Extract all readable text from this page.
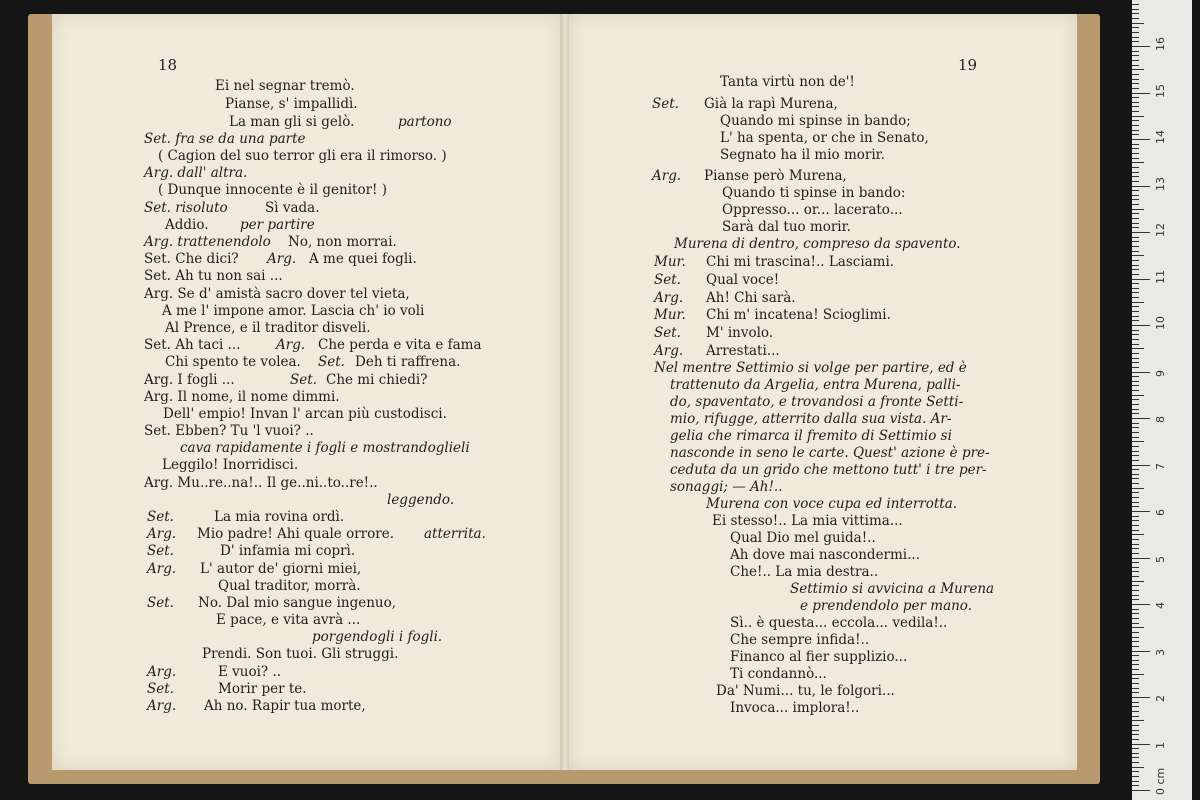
18	19
Ei nel segnar tremò.
Pianse, s' impallidì.
La man gli si gelò.	partono
Set. fra se da una parte
( Cagion del suo terror gli era il rimorso. )
Arg. dall' altra.
( Dunque innocente è il genitor! )
Set. risoluto	Sì vada.
Addio. per partire
Arg. trattenendolo No, non morrai.
Set. Che dici? Arg. A me quei fogli.
Set. Ah tu non sai ...
Arg. Se d' amistà sacro dover tel vieta,
A me l' impone amor. Lascia ch' io voli
Al Prence, e il traditor disveli.
Set. Ah taci ...	Arg. Che perda e vita e fama
Chi spento te volea. Set. Deh ti raffrena.
Arg. I fogli ...	Set. Che mi chiedi?
Arg. Il nome, il nome dimmi.
Dell' empio! Invan l' arcan più custodisci.
Set. Ebben? Tu 'l vuoi? ..
cava rapidamente i fogli e mostrandoglieli
Leggilo! Inorridisci.
Arg. Mu..re..na!.. Il ge..ni..to..re!..
leggendo.
Set.	La mia rovina ordì.
Arg. Mio padre! Ahi quale orrore. atterrita.
Set.	D' infamia mi coprì.
Arg. L' autor de' giorni miei,
Qual traditor, morrà.
Set. No. Dal mio sangue ingenuo,
E pace, e vita avrà ...
porgendogli i fogli.
Prendi. Son tuoi. Gli struggi.
Arg.	E vuoi? ..
Set.	Morir per te.
Arg. Ah no. Rapir tua morte,
Tanta virtù non de'!
Set. Già la rapì Murena,
Quando mi spinse in bando;
L' ha spenta, or che in Senato,
Segnato ha il mio morir.
Arg. Pianse però Murena,
Quando ti spinse in bando:
Oppresso... or... lacerato...
Sarà dal tuo morir.
Murena di dentro, compreso da spavento.
Mur. Chi mi trascina!.. Lasciami.
Set. Qual voce!
Arg. Ah! Chi sarà.
Mur. Chi m' incatena! Scioglimi.
Set. M' involo.
Arg. Arrestati...
Nel mentre Settimio si volge per partire, ed è
trattenuto da Argelia, entra Murena, palli-
do, spaventato, e trovandosi a fronte Setti-
mio, rifugge, atterrito dalla sua vista. Ar-
gelia che rimarca il fremito di Settimio si
nasconde in seno le carte. Quest' azione è pre-
ceduta da un grido che mettono tutt' i tre per-
sonaggi; — Ah!..
Murena con voce cupa ed interrotta.
Ei stesso!.. La mia vittima...
Qual Dio mel guida!..
Ah dove mai nascondermi...
Che!.. La mia destra..
Settimio si avvicina a Murena
e prendendolo per mano.
Sì.. è questa... eccola... vedila!..
Che sempre infida!..
Financo al fier supplizio...
Ti condannò...
Da' Numi... tu, le folgori...
Invoca... implora!..
0 cm
1
2
3
4
5
6
7
8
9
10
11
12
13
14
15
16
